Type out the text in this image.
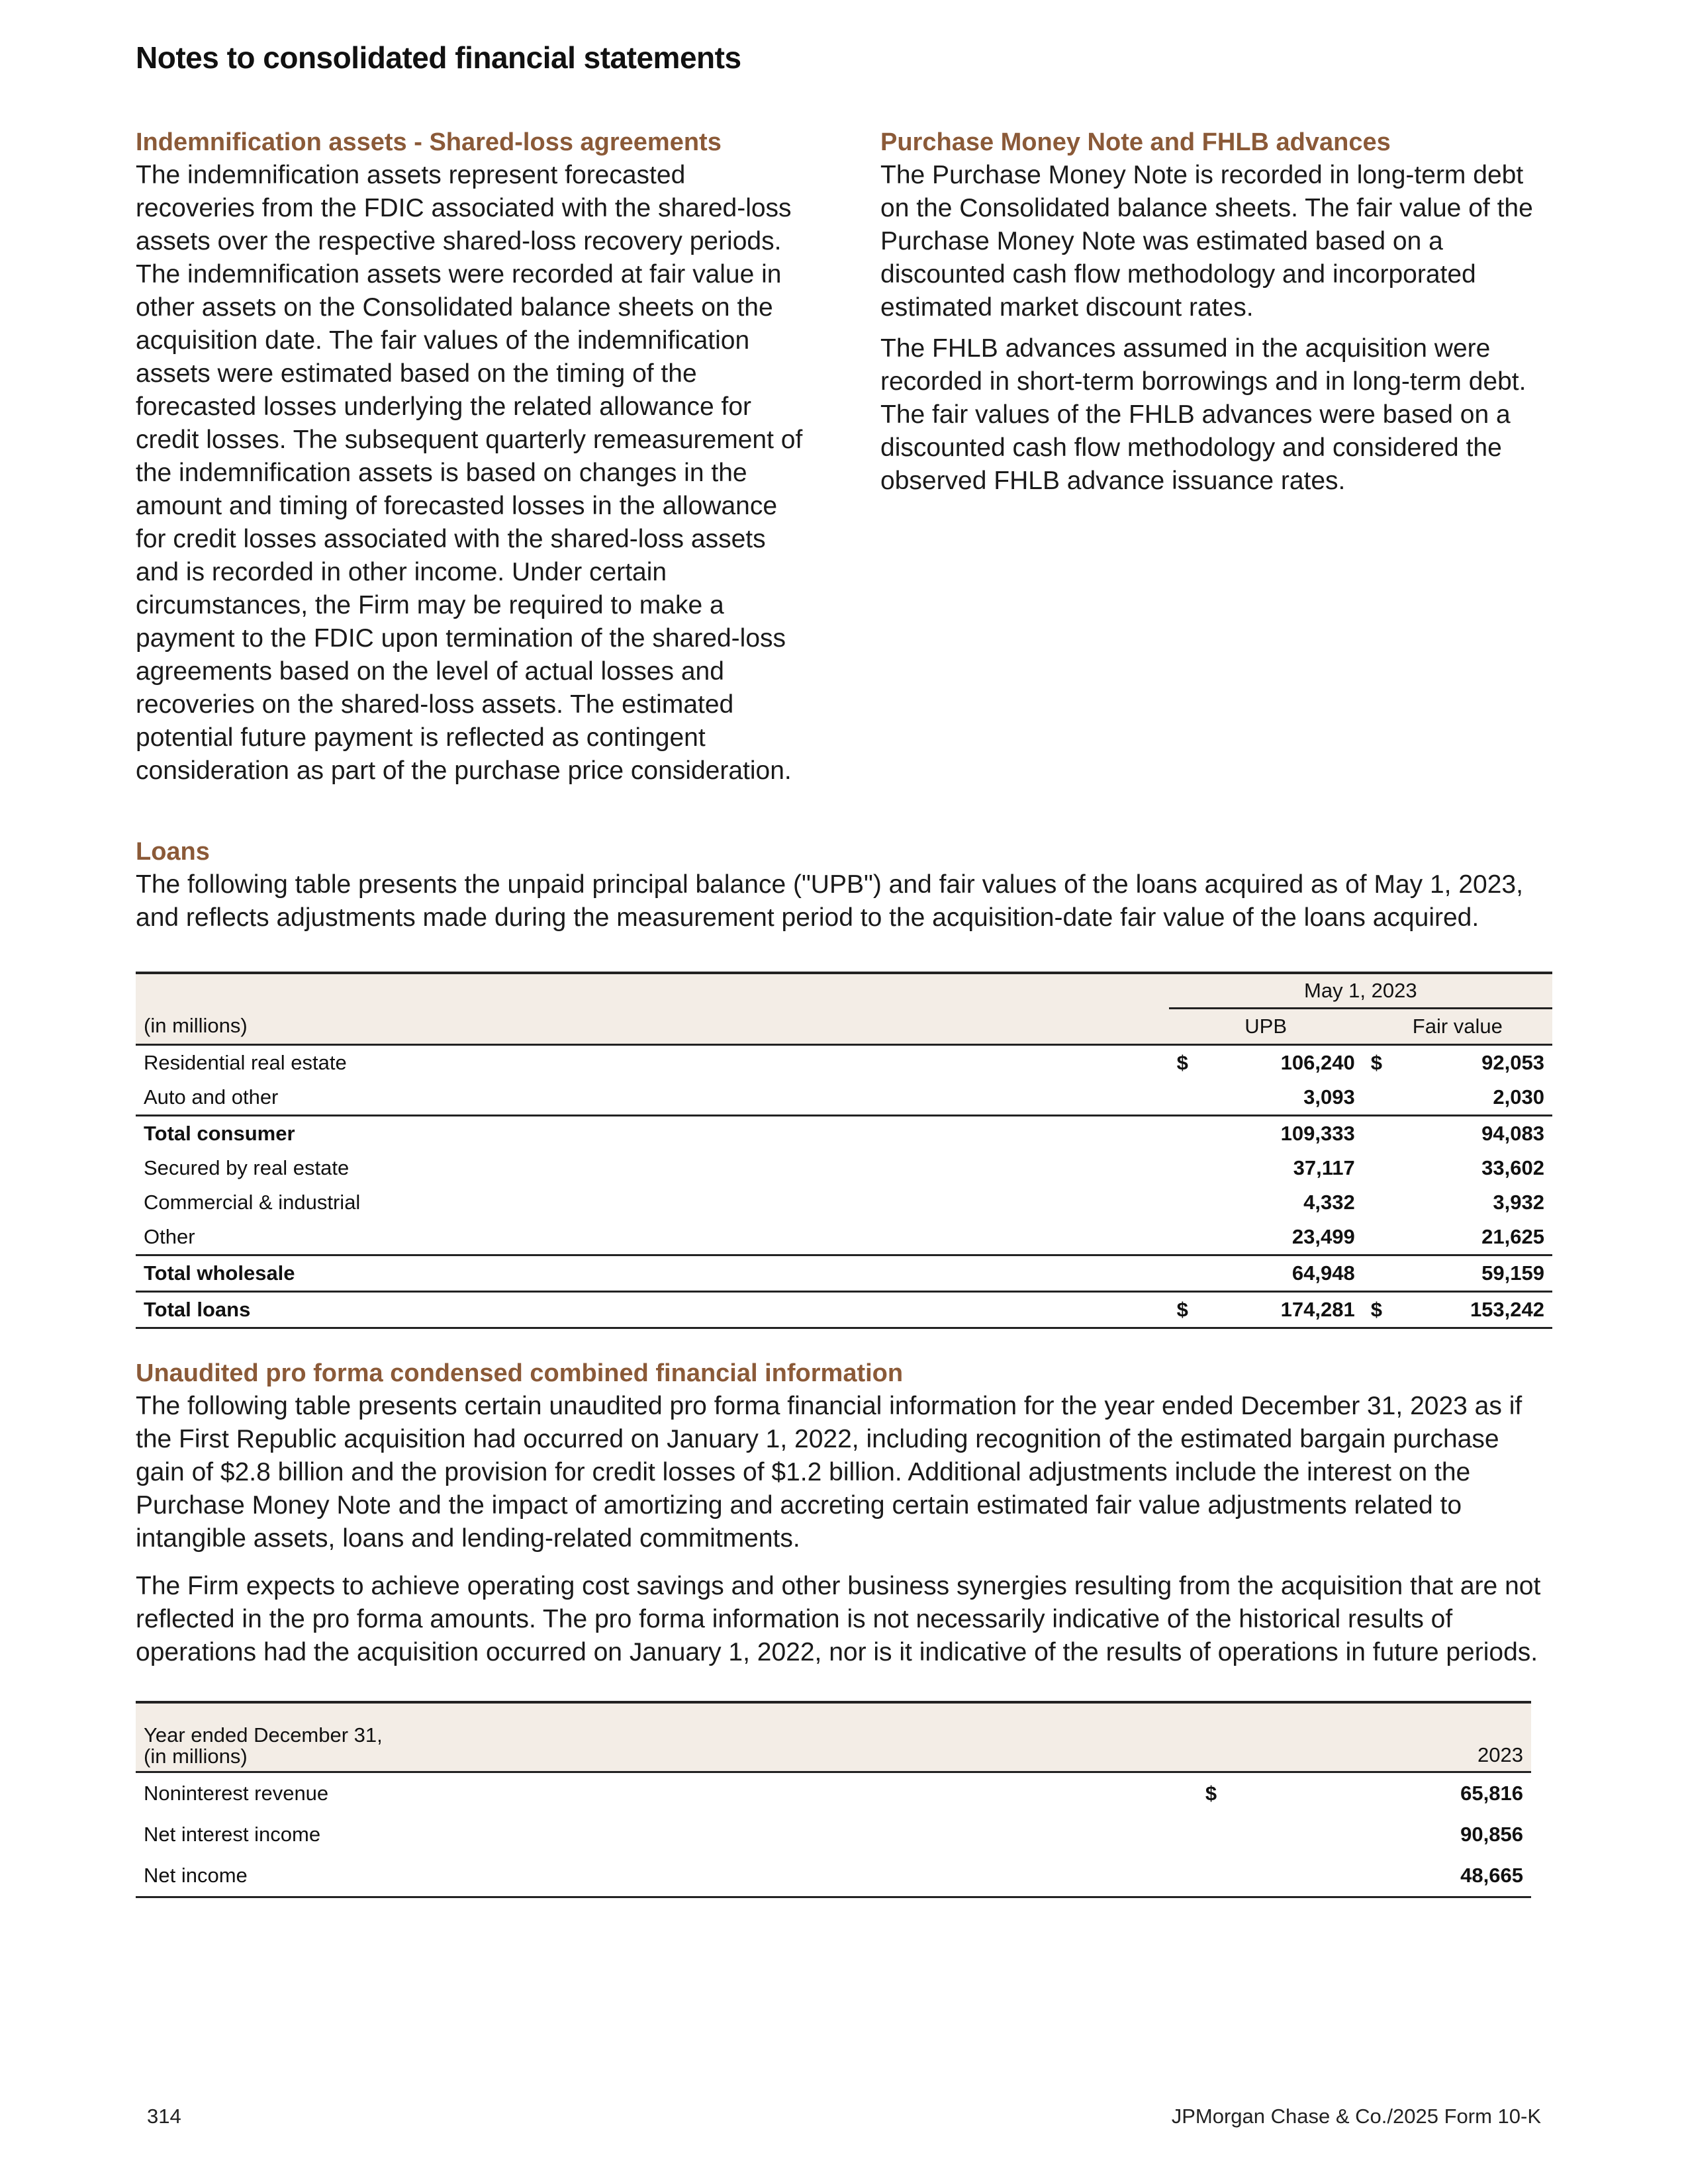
Notes to consolidated financial statements
Indemnification assets - Shared-loss agreements

The indemnification assets represent forecasted recoveries from the FDIC associated with the shared-loss assets over the respective shared-loss recovery periods. The indemnification assets were recorded at fair value in other assets on the Consolidated balance sheets on the acquisition date. The fair values of the indemnification assets were estimated based on the timing of the forecasted losses underlying the related allowance for credit losses. The subsequent quarterly remeasurement of the indemnification assets is based on changes in the amount and timing of forecasted losses in the allowance for credit losses associated with the shared-loss assets and is recorded in other income. Under certain circumstances, the Firm may be required to make a payment to the FDIC upon termination of the shared-loss agreements based on the level of actual losses and recoveries on the shared-loss assets. The estimated potential future payment is reflected as contingent consideration as part of the purchase price consideration.

Purchase Money Note and FHLB advances

The Purchase Money Note is recorded in long-term debt on the Consolidated balance sheets. The fair value of the Purchase Money Note was estimated based on a discounted cash flow methodology and incorporated estimated market discount rates.

The FHLB advances assumed in the acquisition were recorded in short-term borrowings and in long-term debt. The fair values of the FHLB advances were based on a discounted cash flow methodology and considered the observed FHLB advance issuance rates.

Loans

The following table presents the unpaid principal balance ("UPB") and fair values of the loans acquired as of May 1, 2023, and reflects adjustments made during the measurement period to the acquisition-date fair value of the loans acquired.

	May 1, 2023			
(in millions)	UPB		Fair value	
Residential real estate	$	106,240	$	92,053
Auto and other		3,093		2,030
Total consumer		109,333		94,083
Secured by real estate		37,117		33,602
Commercial & industrial		4,332		3,932
Other		23,499		21,625
Total wholesale		64,948		59,159
Total loans	$	174,281	$	153,242
Unaudited pro forma condensed combined financial information

The following table presents certain unaudited pro forma financial information for the year ended December 31, 2023 as if the First Republic acquisition had occurred on January 1, 2022, including recognition of the estimated bargain purchase gain of $2.8 billion and the provision for credit losses of $1.2 billion. Additional adjustments include the interest on the Purchase Money Note and the impact of amortizing and accreting certain estimated fair value adjustments related to intangible assets, loans and lending-related commitments.

The Firm expects to achieve operating cost savings and other business synergies resulting from the acquisition that are not reflected in the pro forma amounts. The pro forma information is not necessarily indicative of the historical results of operations had the acquisition occurred on January 1, 2022, nor is it indicative of the results of operations in future periods.

Year ended December 31,
(in millions)		2023
Noninterest revenue	$	65,816
Net interest income		90,856
Net income		48,665
314	JPMorgan Chase & Co./2025 Form 10-K
